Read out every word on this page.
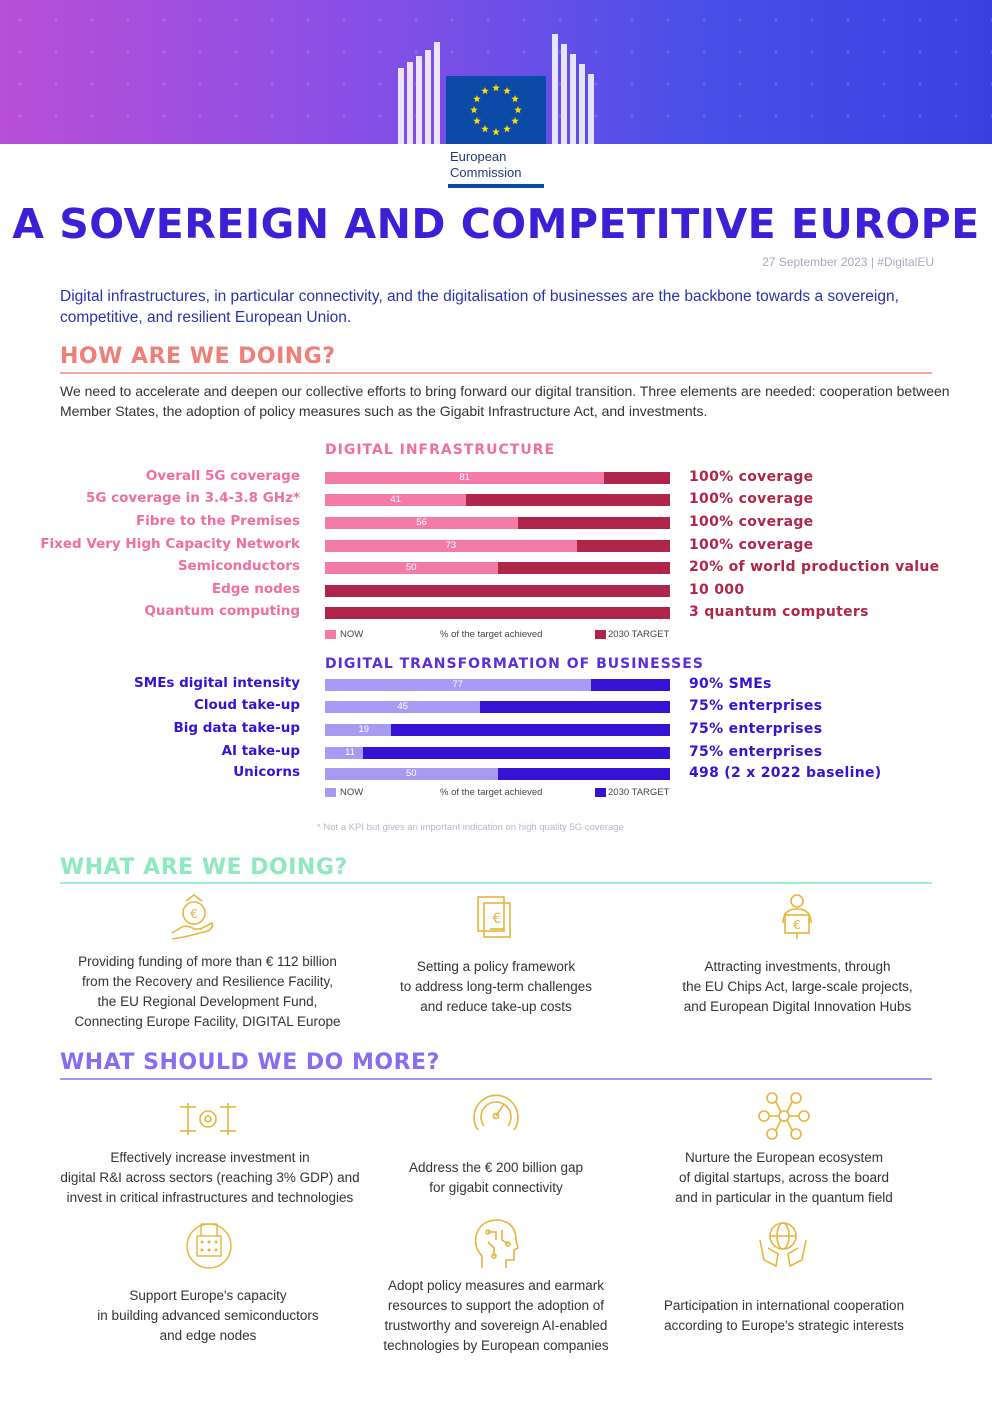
European
Commission
A SOVEREIGN AND COMPETITIVE EUROPE
27 September 2023 | #DigitalEU
Digital infrastructures, in particular connectivity, and the digitalisation of businesses are the backbone towards a sovereign, competitive, and resilient European Union.
HOW ARE WE DOING?
We need to accelerate and deepen our collective efforts to bring forward our digital transition. Three elements are needed: cooperation between Member States, the adoption of policy measures such as the Gigabit Infrastructure Act, and investments.
DIGITAL INFRASTRUCTURE
Overall 5G coverage	81	100% coverage
5G coverage in 3.4-3.8 GHz*	41	100% coverage
Fibre to the Premises	56	100% coverage
Fixed Very High Capacity Network	73	100% coverage
Semiconductors	50	20% of world production value
Edge nodes	10 000
Quantum computing	3 quantum computers
NOW	% of the target achieved	2030 TARGET
DIGITAL TRANSFORMATION OF BUSINESSES
SMEs digital intensity	77	90% SMEs
Cloud take-up	45	75% enterprises
Big data take-up	19	75% enterprises
AI take-up	11	75% enterprises
Unicorns	50	498 (2 x 2022 baseline)
NOW	% of the target achieved	2030 TARGET
* Not a KPI but gives an important indication on high quality 5G coverage
WHAT ARE WE DOING?
€	€	€
Providing funding of more than € 112 billion
from the Recovery and Resilience Facility,
the EU Regional Development Fund,
Connecting Europe Facility, DIGITAL Europe
Setting a policy framework
to address long-term challenges
and reduce take-up costs
Attracting investments, through
the EU Chips Act, large-scale projects,
and European Digital Innovation Hubs
WHAT SHOULD WE DO MORE?
Effectively increase investment in
digital R&I across sectors (reaching 3% GDP) and
invest in critical infrastructures and technologies
Address the € 200 billion gap
for gigabit connectivity
Nurture the European ecosystem
of digital startups, across the board
and in particular in the quantum field
Support Europe's capacity
in building advanced semiconductors
and edge nodes
Adopt policy measures and earmark
resources to support the adoption of
trustworthy and sovereign AI-enabled
technologies by European companies
Participation in international cooperation
according to Europe's strategic interests
